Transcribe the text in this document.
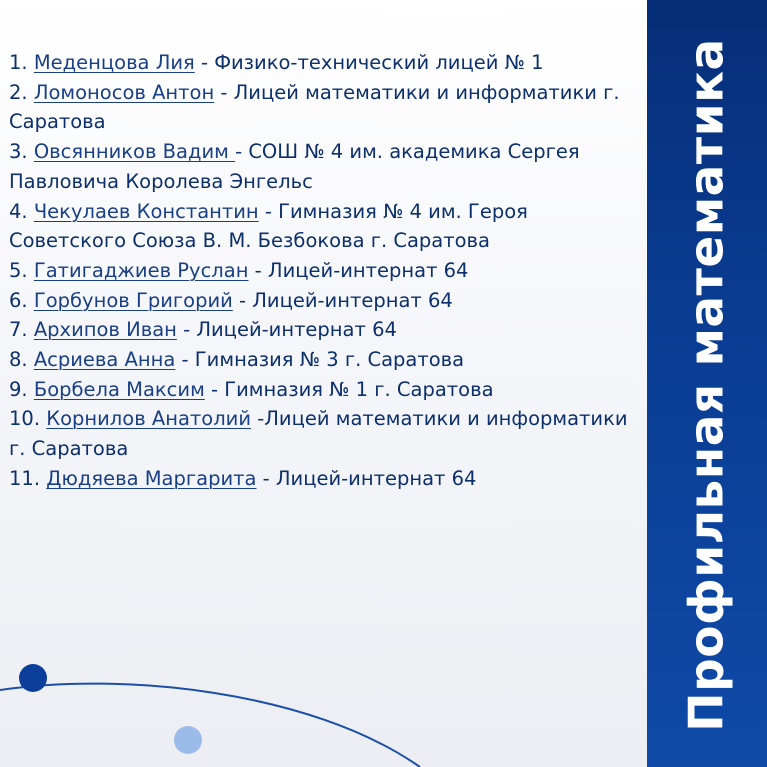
1. Меденцова Лия - Физико-технический лицей № 1
2. Ломоносов Антон - Лицей математики и информатики г. Саратова
3. Овсянников Вадим - СОШ № 4 им. академика Сергея Павловича Королева Энгельс
4. Чекулаев Константин - Гимназия № 4 им. Героя Советского Союза В. М. Безбокова г. Саратова
5. Гатигаджиев Руслан - Лицей-интернат 64
6. Горбунов Григорий - Лицей-интернат 64
7. Архипов Иван - Лицей-интернат 64
8. Асриева Анна - Гимназия № 3 г. Саратова
9. Борбела Максим - Гимназия № 1 г. Саратова
10. Корнилов Анатолий -Лицей математики и информатики г. Саратова
11. Дюдяева Маргарита - Лицей-интернат 64	Профильная математика
